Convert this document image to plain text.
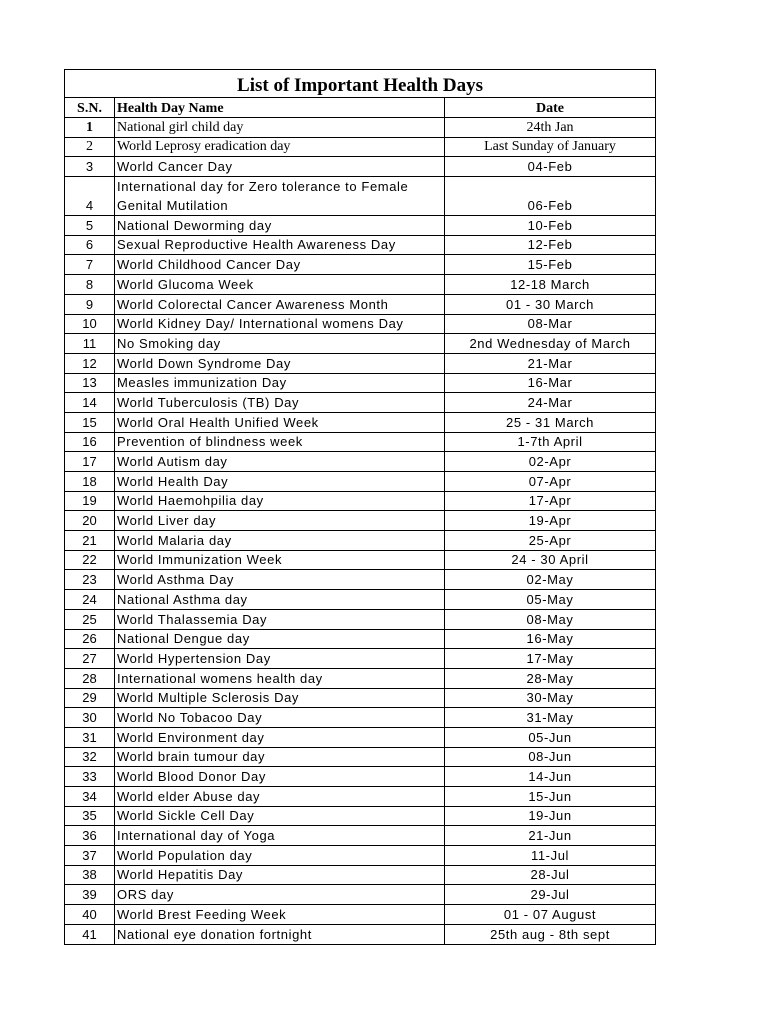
List of Important Health Days		
S.N.	Health Day Name	Date
1	National girl child day	24th Jan
2	World Leprosy eradication day	Last Sunday of January
3	World Cancer Day	04-Feb
4	International day for Zero tolerance to Female Genital Mutilation	06-Feb
5	National Deworming day	10-Feb
6	Sexual Reproductive Health Awareness Day	12-Feb
7	World Childhood Cancer Day	15-Feb
8	World Glucoma Week	12-18 March
9	World Colorectal Cancer Awareness Month	01 - 30 March
10	World Kidney Day/ International womens Day	08-Mar
11	No Smoking day	2nd Wednesday of March
12	World Down Syndrome Day	21-Mar
13	Measles immunization Day	16-Mar
14	World Tuberculosis (TB) Day	24-Mar
15	World Oral Health Unified Week	25 - 31 March
16	Prevention of blindness week	1-7th April
17	World Autism day	02-Apr
18	World Health Day	07-Apr
19	World Haemohpilia day	17-Apr
20	World Liver day	19-Apr
21	World Malaria day	25-Apr
22	World Immunization Week	24 - 30 April
23	World Asthma Day	02-May
24	National Asthma day	05-May
25	World Thalassemia Day	08-May
26	National Dengue day	16-May
27	World Hypertension Day	17-May
28	International womens health day	28-May
29	World Multiple Sclerosis Day	30-May
30	World No Tobacoo Day	31-May
31	World Environment day	05-Jun
32	World brain tumour day	08-Jun
33	World Blood Donor Day	14-Jun
34	World elder Abuse day	15-Jun
35	World Sickle Cell Day	19-Jun
36	International day of Yoga	21-Jun
37	World Population day	11-Jul
38	World Hepatitis Day	28-Jul
39	ORS day	29-Jul
40	World Brest Feeding Week	01 - 07 August
41	National eye donation fortnight	25th aug - 8th sept
